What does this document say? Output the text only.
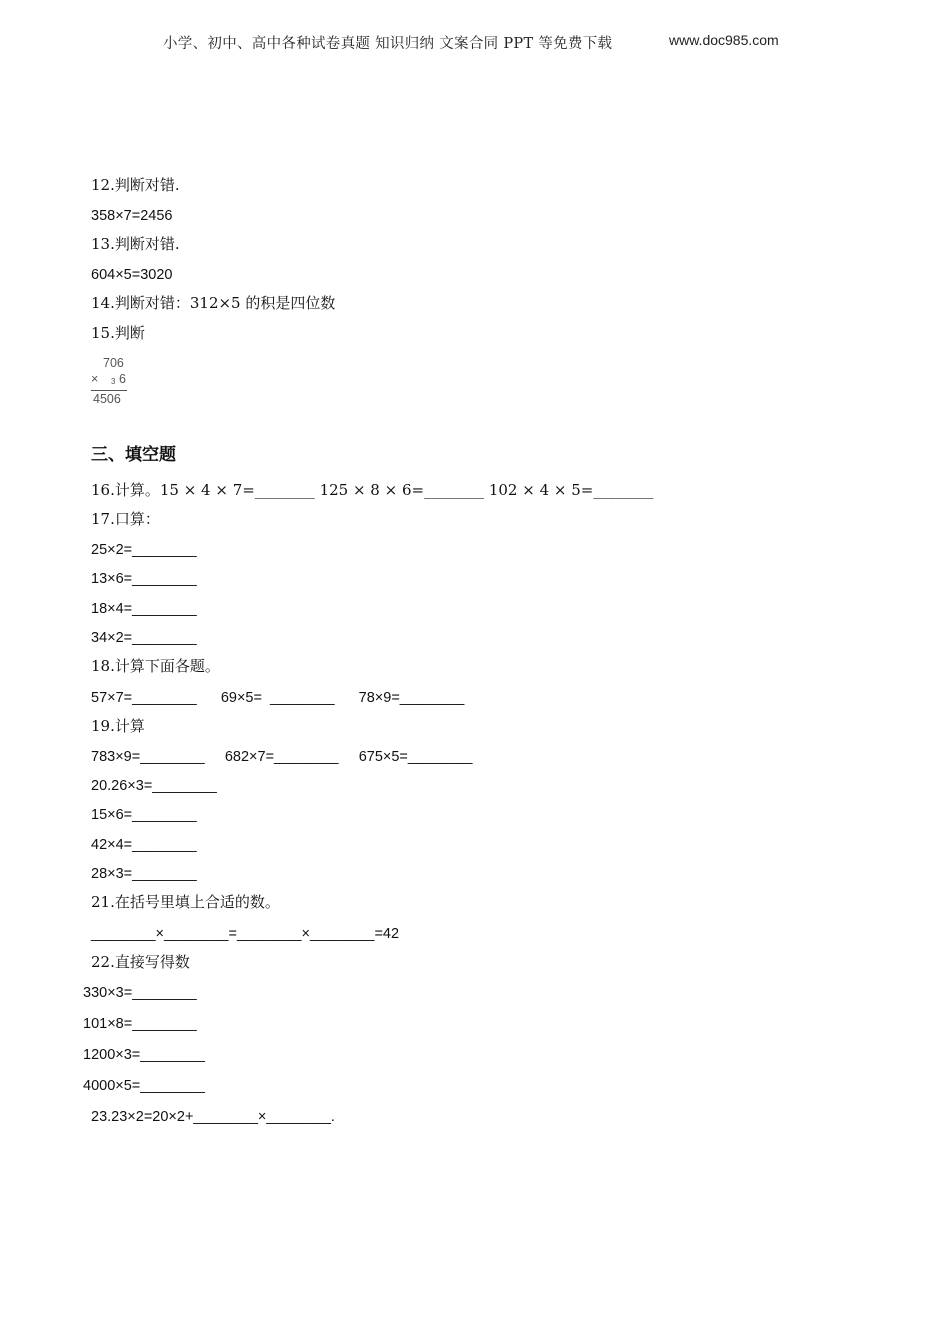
小学、初中、高中各种试卷真题 知识归纳 文案合同 PPT 等免费下载	www.doc985.com
12.判断对错.
358×7=2456
13.判断对错.
604×5=3020
14.判断对错：312×5 的积是四位数
15.判断
706
× 3 6
4506
三、填空题
16.计算。15 × 4 × 7=________ 125 × 8 × 6=________ 102 × 4 × 5=________
17.口算：
25×2=________
13×6=________
18×4=________
34×2=________
18.计算下面各题。
57×7=________      69×5=  ________      78×9=________
19.计算
783×9=________     682×7=________     675×5=________
20.26×3=________
15×6=________
42×4=________
28×3=________
21.在括号里填上合适的数。
________×________=________×________=42
22.直接写得数
330×3=________
101×8=________
1200×3=________
4000×5=________
23.23×2=20×2+________×________.
